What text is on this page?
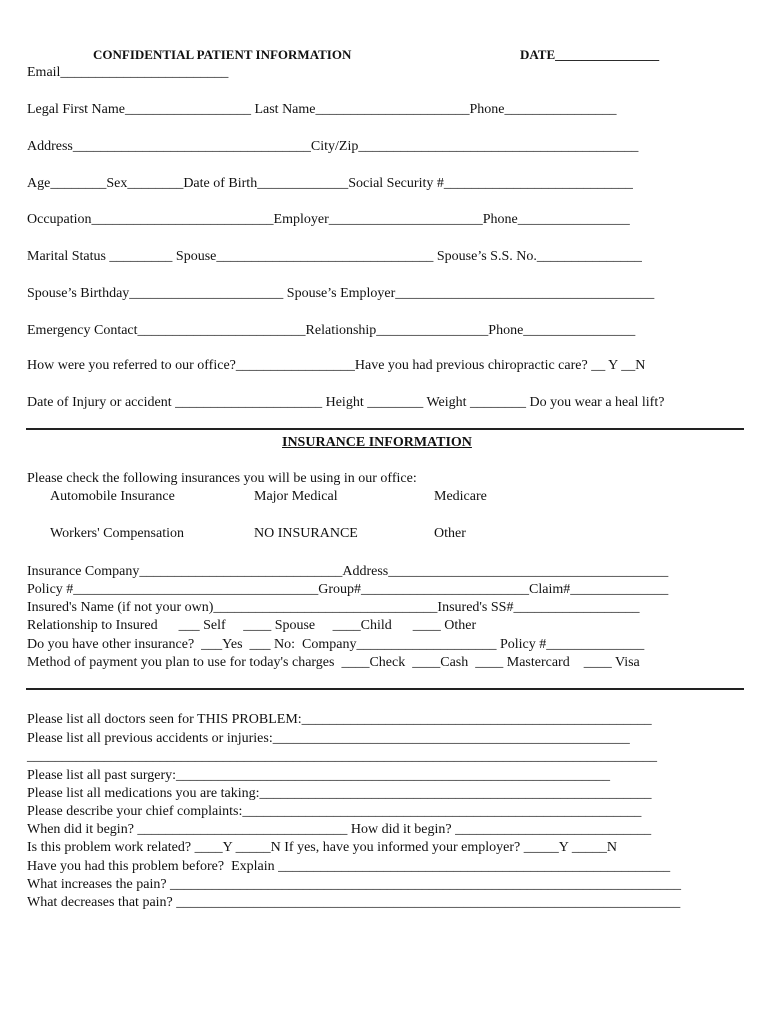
CONFIDENTIAL PATIENT INFORMATION	DATE________________
Email________________________
Legal First Name__________________ Last Name______________________Phone________________
Address__________________________________City/Zip________________________________________
Age________Sex________Date of Birth_____________Social Security #___________________________
Occupation__________________________Employer______________________Phone________________
Marital Status _________ Spouse_______________________________ Spouse’s S.S. No._______________
Spouse’s Birthday______________________ Spouse’s Employer_____________________________________
Emergency Contact________________________Relationship________________Phone________________
How were you referred to our office?_________________Have you had previous chiropractic care? __ Y __N
Date of Injury or accident _____________________ Height ________ Weight ________ Do you wear a heal lift?
INSURANCE INFORMATION
Please check the following insurances you will be using in our office:
Automobile Insurance	Major Medical	Medicare
Workers' Compensation	NO INSURANCE	Other
Insurance Company_____________________________Address________________________________________
Policy #___________________________________Group#________________________Claim#______________
Insured's Name (if not your own)________________________________Insured's SS#__________________
Relationship to Insured      ___ Self     ____ Spouse     ____Child      ____ Other
Do you have other insurance?  ___Yes  ___ No:  Company____________________ Policy #______________
Method of payment you plan to use for today's charges  ____Check  ____Cash  ____ Mastercard    ____ Visa
Please list all doctors seen for THIS PROBLEM:__________________________________________________
Please list all previous accidents or injuries:___________________________________________________
__________________________________________________________________________________________
Please list all past surgery:______________________________________________________________
Please list all medications you are taking:________________________________________________________
Please describe your chief complaints:_________________________________________________________
When did it begin? ______________________________ How did it begin? ____________________________
Is this problem work related? ____Y _____N If yes, have you informed your employer? _____Y _____N
Have you had this problem before?  Explain ________________________________________________________
What increases the pain? _________________________________________________________________________
What decreases that pain? ________________________________________________________________________
